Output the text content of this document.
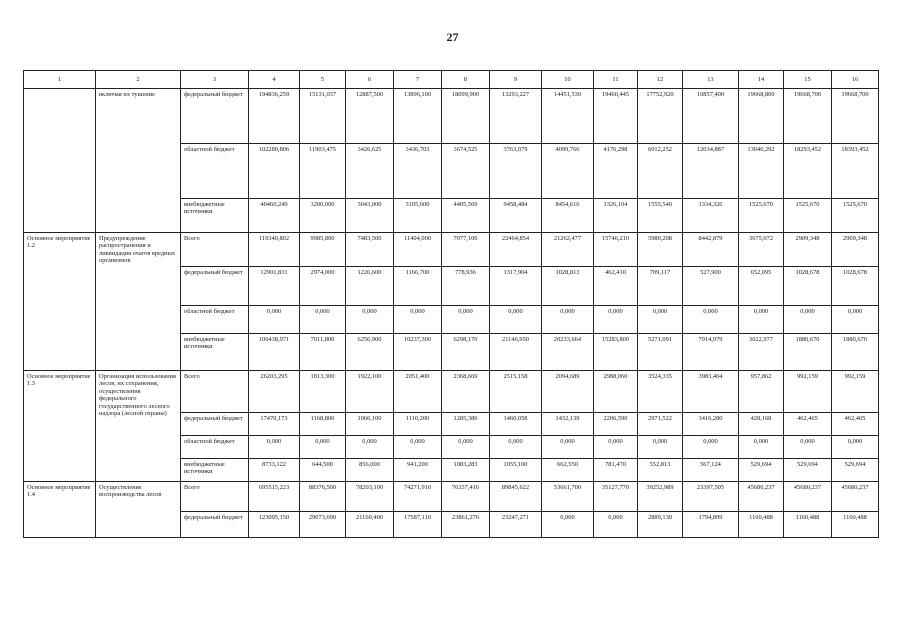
27
1	2	3	4	5	6	7	8	9	10	11	12	13	14	15	16
	включая их тушение	федеральный бюджет	194836,259	15131,037	12887,500	13896,100	18099,900	13293,227	14451,530	19460,445	17752,920	10857,400	19668,800	19668,700	19668,700
		областной бюджет	102280,806	11903,475	3426,625	3436,703	3674,525	3763,079	4099,766	4176,298	6012,252	12034,887	13046,292	18293,452	18393,452
		внебюджетные источники	40460,249	3200,000	3043,000	3105,600	4405,569	9458,484	8454,616	1326,104	1555,540	1334,326	1525,670	1525,670	1525,670
Основное мероприятие 1.2	Предупреждение распространения и ликвидация очагов вредных организмов	Всего	119340,802	9985,800	7483,500	11404,000	7077,106	22464,854	21262,477	15746,210	5980,208	8442,879	3675,072	2909,348	2909,348
		федеральный бюджет	12901,831	2974,000	1226,600	1166,700	778,936	1317,904	1028,813	462,410	709,117	527,900	652,095	1028,678	1028,678
		областной бюджет	0,000	0,000	0,000	0,000	0,000	0,000	0,000	0,000	0,000	0,000	0,000	0,000	0,000
		внебюджетные источники	106438,971	7011,800	6256,900	10237,300	6298,170	21146,950	20233,664	15283,800	5271,091	7914,979	3022,977	1880,670	1880,670
Основное мероприятие 1.3	Организация использования лесов, их сохранения, осуществления федерального государственного лесного надзора (лесной охраны)	Всего	26203,295	1813,300	1922,100	2051,400	2368,669	2515,158	2094,689	2988,060	3524,335	3983,404	957,862	992,159	992,159
		федеральный бюджет	17470,173	1168,800	1066,100	1110,200	1285,386	1460,058	1432,139	2206,590	2971,522	3416,280	428,168	462,465	462,465
		областной бюджет	0,000	0,000	0,000	0,000	0,000	0,000	0,000	0,000	0,000	0,000	0,000	0,000	0,000
		внебюджетные источники	8733,122	644,500	856,000	941,200	1083,283	1055,100	662,550	781,470	552,813	567,124	529,694	529,694	529,694
Основное мероприятие 1.4	Осуществление воспроизводства лесов	Всего	695515,223	88376,500	78203,100	74271,910	76337,416	89845,622	53661,700	35127,770	39252,989	23397,505	45680,237	45680,237	45680,237
		федеральный бюджет	123095,150	29073,690	21160,400	17587,110	23861,276	23247,271	0,000	0,000	2889,130	1794,899	1160,488	1160,488	1160,488
